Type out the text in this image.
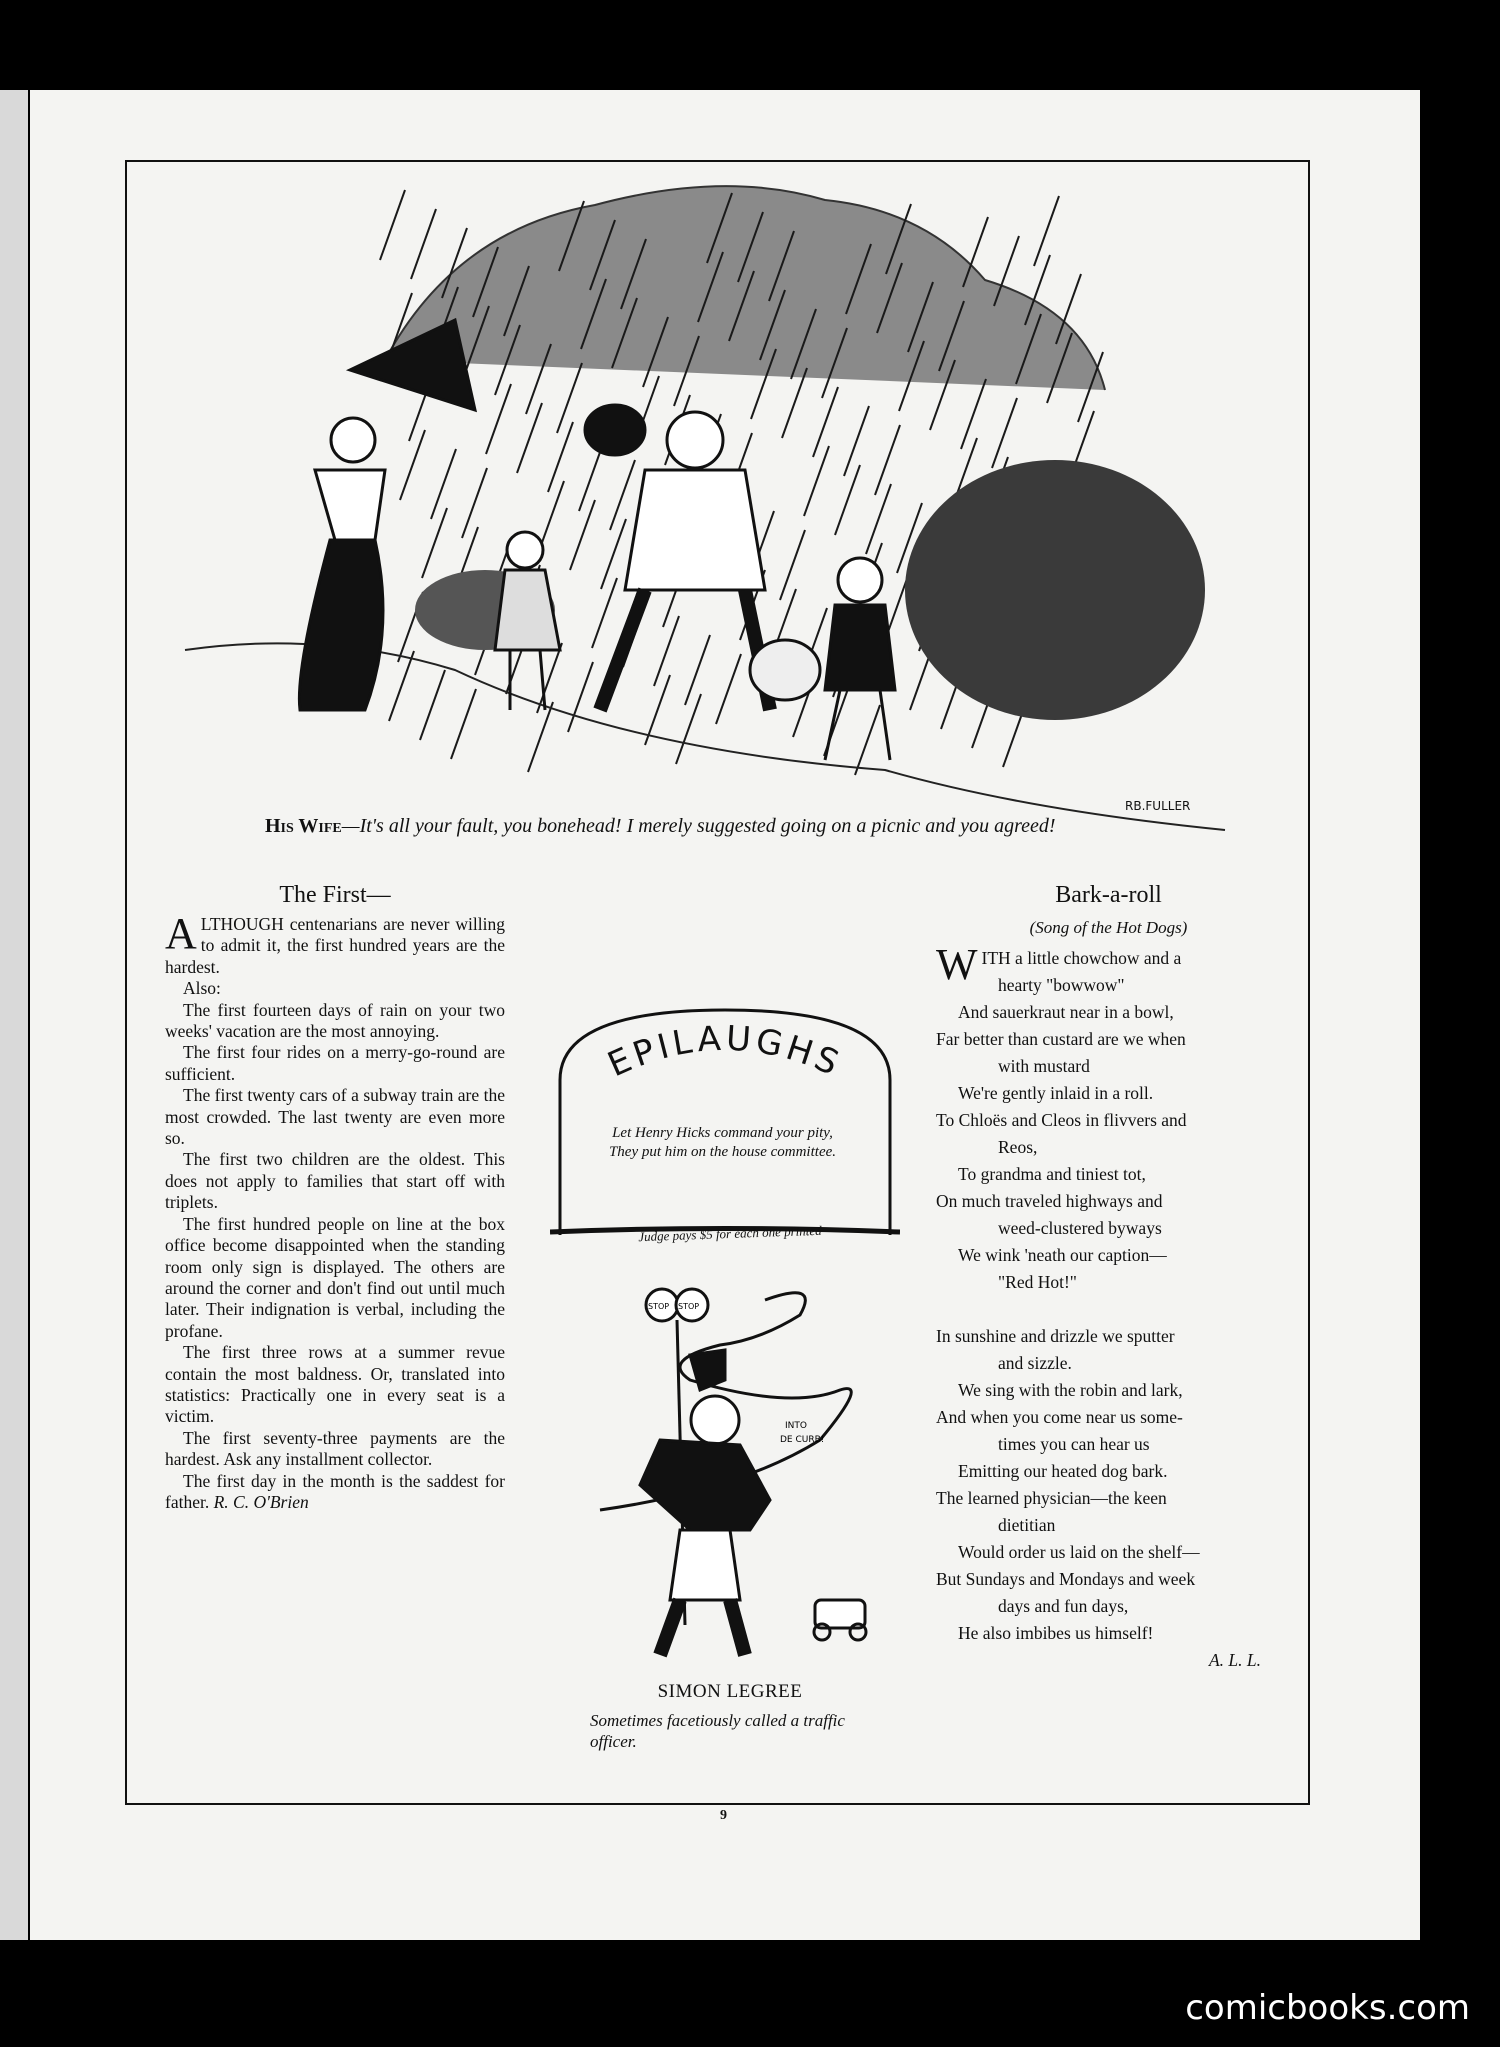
RB.FULLER
His Wife—It's all your fault, you bonehead! I merely suggested going on a picnic and you agreed!
The First—

ALTHOUGH centenarians are never willing to admit it, the first hundred years are the hardest.

Also:

The first fourteen days of rain on your two weeks' vacation are the most annoying.

The first four rides on a merry-go-round are sufficient.

The first twenty cars of a subway train are the most crowded. The last twenty are even more so.

The first two children are the oldest. This does not apply to families that start off with triplets.

The first hundred people on line at the box office become disappointed when the standing room only sign is displayed. The others are around the corner and don't find out until much later. Their indignation is verbal, including the profane.

The first three rows at a summer revue contain the most baldness. Or, translated into statistics: Practically one in every seat is a victim.

The first seventy-three payments are the hardest. Ask any installment collector.

The first day in the month is the saddest for father. R. C. O'Brien

EPILAUGHS
Let Henry Hicks command your pity,
They put him on the house committee.
Judge pays $5 for each one printed
STOP STOP
INTO
DE CURB!
SIMON LEGREE
Sometimes facetiously called a traffic officer.
Bark-a-roll
(Song of the Hot Dogs)
WITH a little chowchow and a
hearty "bowwow"
And sauerkraut near in a bowl,
Far better than custard are we when
with mustard
We're gently inlaid in a roll.
To Chloës and Cleos in flivvers and
Reos,
To grandma and tiniest tot,
On much traveled highways and
weed-clustered byways
We wink 'neath our caption—
"Red Hot!"
In sunshine and drizzle we sputter
and sizzle.
We sing with the robin and lark,
And when you come near us some-
times you can hear us
Emitting our heated dog bark.
The learned physician—the keen
dietitian
Would order us laid on the shelf—
But Sundays and Mondays and week
days and fun days,
He also imbibes us himself!
A. L. L.
9
comicbooks.com
